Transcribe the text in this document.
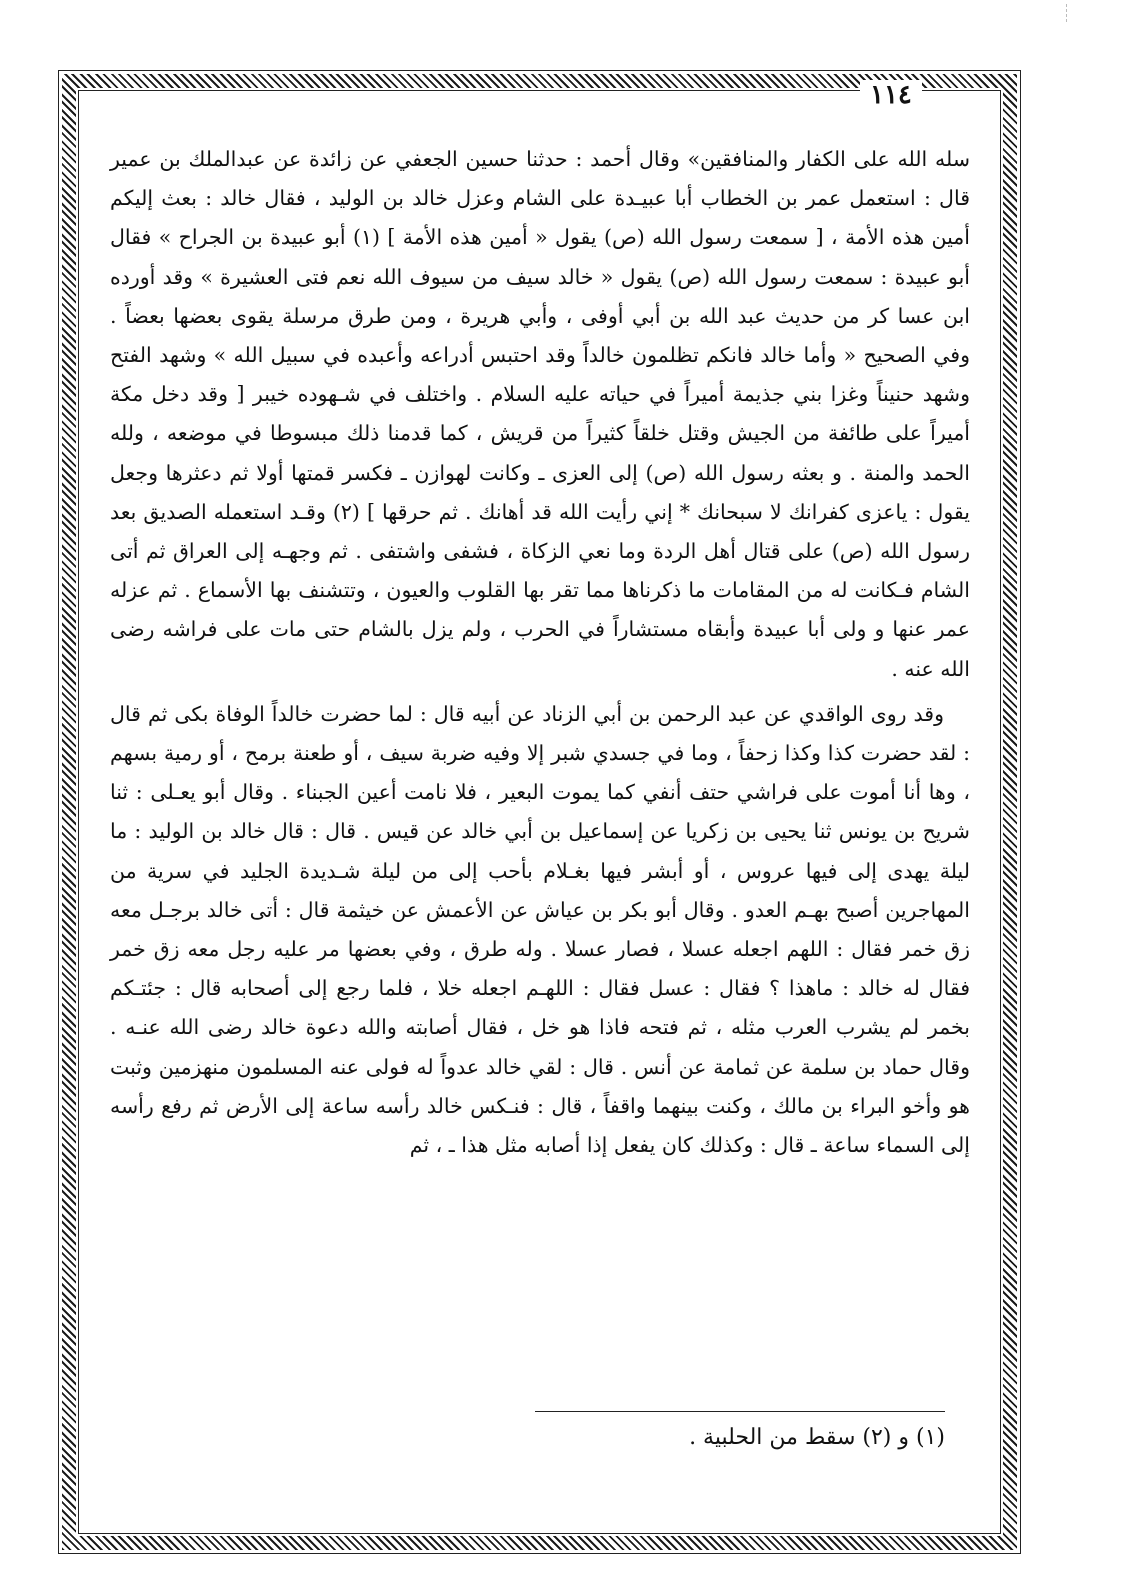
١١٤

سله الله على الكفار والمنافقين» وقال أحمد : حدثنا حسين الجعفي عن زائدة عن عبدالملك بن عمير قال : استعمل عمر بن الخطاب أبا عبيـدة على الشام وعزل خالد بن الوليد ، فقال خالد : بعث إليكم أمين هذه الأمة ، [ سمعت رسول الله (ص) يقول « أمين هذه الأمة ] (١) أبو عبيدة بن الجراح » فقال أبو عبيدة : سمعت رسول الله (ص) يقول « خالد سيف من سيوف الله نعم فتى العشيرة » وقد أورده ابن عسا كر من حديث عبد الله بن أبي أوفى ، وأبي هريرة ، ومن طرق مرسلة يقوى بعضها بعضاً . وفي الصحيح « وأما خالد فانكم تظلمون خالداً وقد احتبس أدراعه وأعبده في سبيل الله » وشهد الفتح وشهد حنيناً وغزا بني جذيمة أميراً في حياته عليه السلام . واختلف في شـهوده خيبر [ وقد دخل مكة أميراً على طائفة من الجيش وقتل خلقاً كثيراً من قريش ، كما قدمنا ذلك مبسوطا في موضعه ، ولله الحمد والمنة . و بعثه رسول الله (ص) إلى العزى ـ وكانت لهوازن ـ فكسر قمتها أولا ثم دعثرها وجعل يقول : ياعزى كفرانك لا سبحانك * إني رأيت الله قد أهانك . ثم حرقها ] (٢) وقـد استعمله الصديق بعد رسول الله (ص) على قتال أهل الردة وما نعي الزكاة ، فشفى واشتفى . ثم وجهـه إلى العراق ثم أتى الشام فـكانت له من المقامات ما ذكرناها مما تقر بها القلوب والعيون ، وتتشنف بها الأسماع . ثم عزله عمر عنها و ولى أبا عبيدة وأبقاه مستشاراً في الحرب ، ولم يزل بالشام حتى مات على فراشه رضى الله عنه .

وقد روى الواقدي عن عبد الرحمن بن أبي الزناد عن أبيه قال : لما حضرت خالداً الوفاة بكى ثم قال : لقد حضرت كذا وكذا زحفاً ، وما في جسدي شبر إلا وفيه ضربة سيف ، أو طعنة برمح ، أو رمية بسهم ، وها أنا أموت على فراشي حتف أنفي كما يموت البعير ، فلا نامت أعين الجبناء . وقال أبو يعـلى : ثنا شريح بن يونس ثنا يحيى بن زكريا عن إسماعيل بن أبي خالد عن قيس . قال : قال خالد بن الوليد : ما ليلة يهدى إلى فيها عروس ، أو أبشر فيها بغـلام بأحب إلى من ليلة شـديدة الجليد في سرية من المهاجرين أصبح بهـم العدو . وقال أبو بكر بن عياش عن الأعمش عن خيثمة قال : أتى خالد برجـل معه زق خمر فقال : اللهم اجعله عسلا ، فصار عسلا . وله طرق ، وفي بعضها مر عليه رجل معه زق خمر فقال له خالد : ماهذا ؟ فقال : عسل فقال : اللهـم اجعله خلا ، فلما رجع إلى أصحابه قال : جئتـكم بخمر لم يشرب العرب مثله ، ثم فتحه فاذا هو خل ، فقال أصابته والله دعوة خالد رضى الله عنـه . وقال حماد بن سلمة عن ثمامة عن أنس . قال : لقي خالد عدواً له فولى عنه المسلمون منهزمين وثبت هو وأخو البراء بن مالك ، وكنت بينهما واقفاً ، قال : فنـكس خالد رأسه ساعة إلى الأرض ثم رفع رأسه إلى السماء ساعة ـ قال : وكذلك كان يفعل إذا أصابه مثل هذا ـ ، ثم

(١) و (٢) سقط من الحلبية .
